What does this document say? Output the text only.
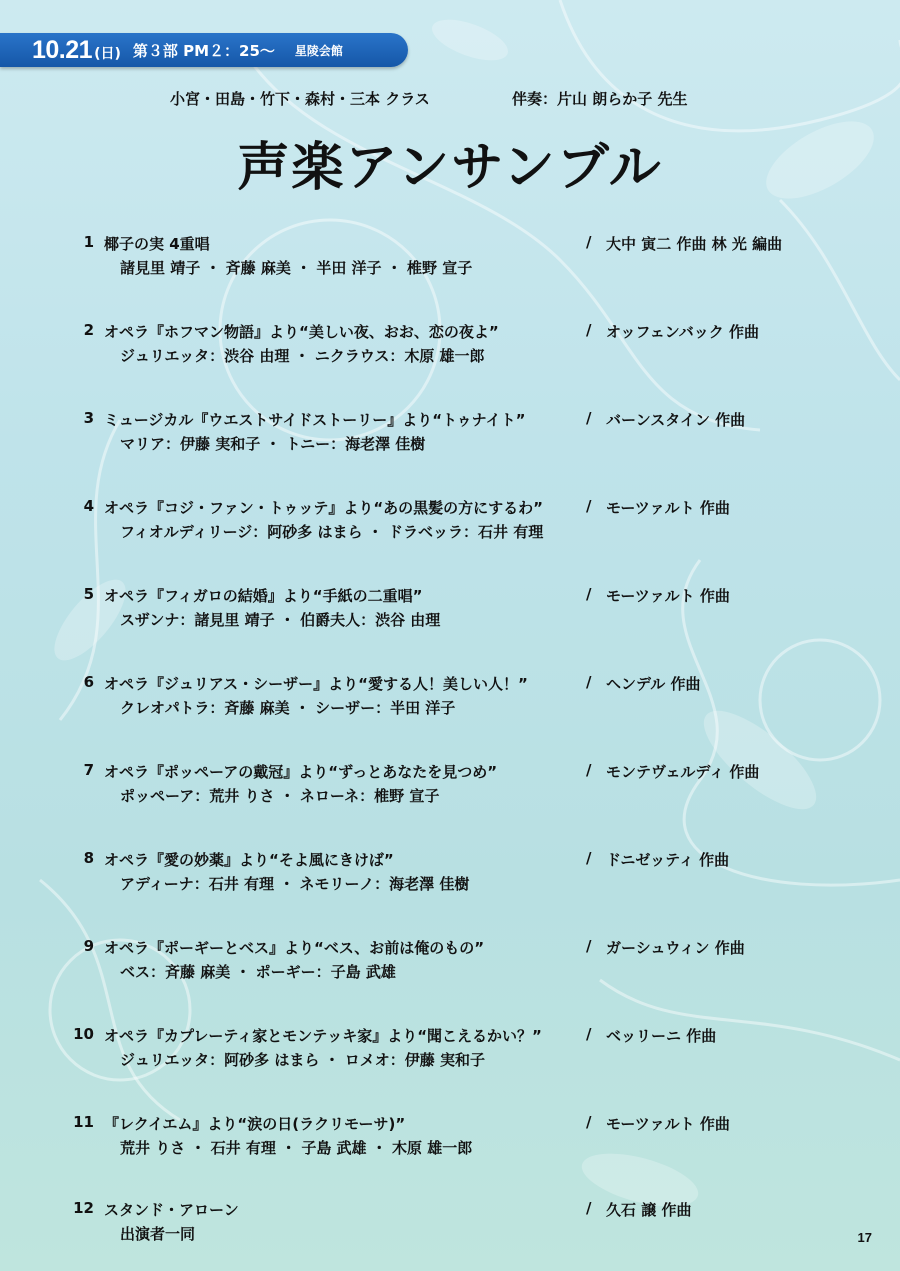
10.21 (日) 第３部 PM２：25～ 星陵会館
小宮・田島・竹下・森村・三本 クラス	伴奏：片山 朗らか子 先生
声楽アンサンブル
1 椰子の実 4重唱	/ 大中 寅二 作曲 林 光 編曲
諸見里 靖子 ・ 斉藤 麻美 ・ 半田 洋子 ・ 椎野 宣子
2 オペラ『ホフマン物語』より“美しい夜、おお、恋の夜よ”	/ オッフェンバック 作曲
ジュリエッタ：渋谷 由理 ・ ニクラウス：木原 雄一郎
3 ミュージカル『ウエストサイドストーリー』より“トゥナイト”	/ バーンスタイン 作曲
マリア：伊藤 実和子 ・ トニー：海老澤 佳樹
4 オペラ『コジ・ファン・トゥッテ』より“あの黒髪の方にするわ”	/ モーツァルト 作曲
フィオルディリージ：阿砂多 はまら ・ ドラベッラ：石井 有理
5 オペラ『フィガロの結婚』より“手紙の二重唱”	/ モーツァルト 作曲
スザンナ：諸見里 靖子 ・ 伯爵夫人：渋谷 由理
6 オペラ『ジュリアス・シーザー』より“愛する人！美しい人！”	/ ヘンデル 作曲
クレオパトラ：斉藤 麻美 ・ シーザー：半田 洋子
7 オペラ『ポッペーアの戴冠』より“ずっとあなたを見つめ”	/ モンテヴェルディ 作曲
ポッペーア：荒井 りさ ・ ネローネ：椎野 宣子
8 オペラ『愛の妙薬』より“そよ風にきけば”	/ ドニゼッティ 作曲
アディーナ：石井 有理 ・ ネモリーノ：海老澤 佳樹
9 オペラ『ポーギーとベス』より“ベス、お前は俺のもの”	/ ガーシュウィン 作曲
ベス：斉藤 麻美 ・ ポーギー：子島 武雄
10 オペラ『カプレーティ家とモンテッキ家』より“聞こえるかい？”	/ ベッリーニ 作曲
ジュリエッタ：阿砂多 はまら ・ ロメオ：伊藤 実和子
11 『レクイエム』より“涙の日(ラクリモーサ)”	/ モーツァルト 作曲
荒井 りさ ・ 石井 有理 ・ 子島 武雄 ・ 木原 雄一郎
12 スタンド・アローン	/ 久石 譲 作曲
出演者一同	17
